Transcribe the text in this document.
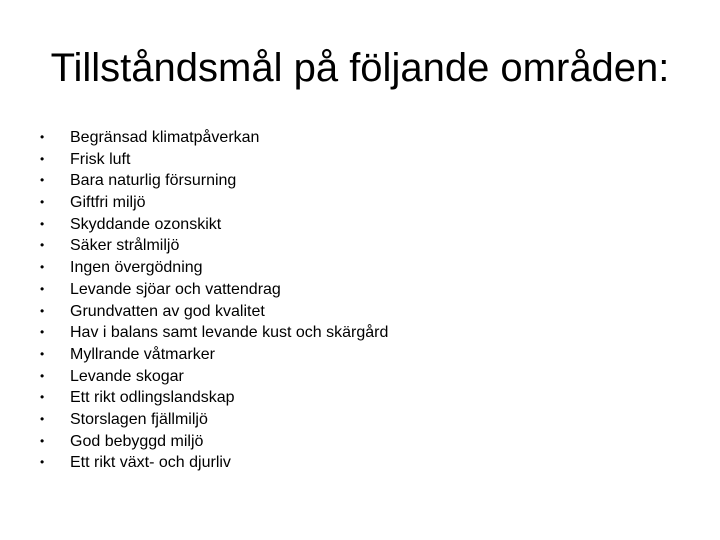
Tillståndsmål på följande områden:
•	Begränsad klimatpåverkan
•	Frisk luft
•	Bara naturlig försurning
•	Giftfri miljö
•	Skyddande ozonskikt
•	Säker strålmiljö
•	Ingen övergödning
•	Levande sjöar och vattendrag
•	Grundvatten av god kvalitet
•	Hav i balans samt levande kust och skärgård
•	Myllrande våtmarker
•	Levande skogar
•	Ett rikt odlingslandskap
•	Storslagen fjällmiljö
•	God bebyggd miljö
•	Ett rikt växt- och djurliv
